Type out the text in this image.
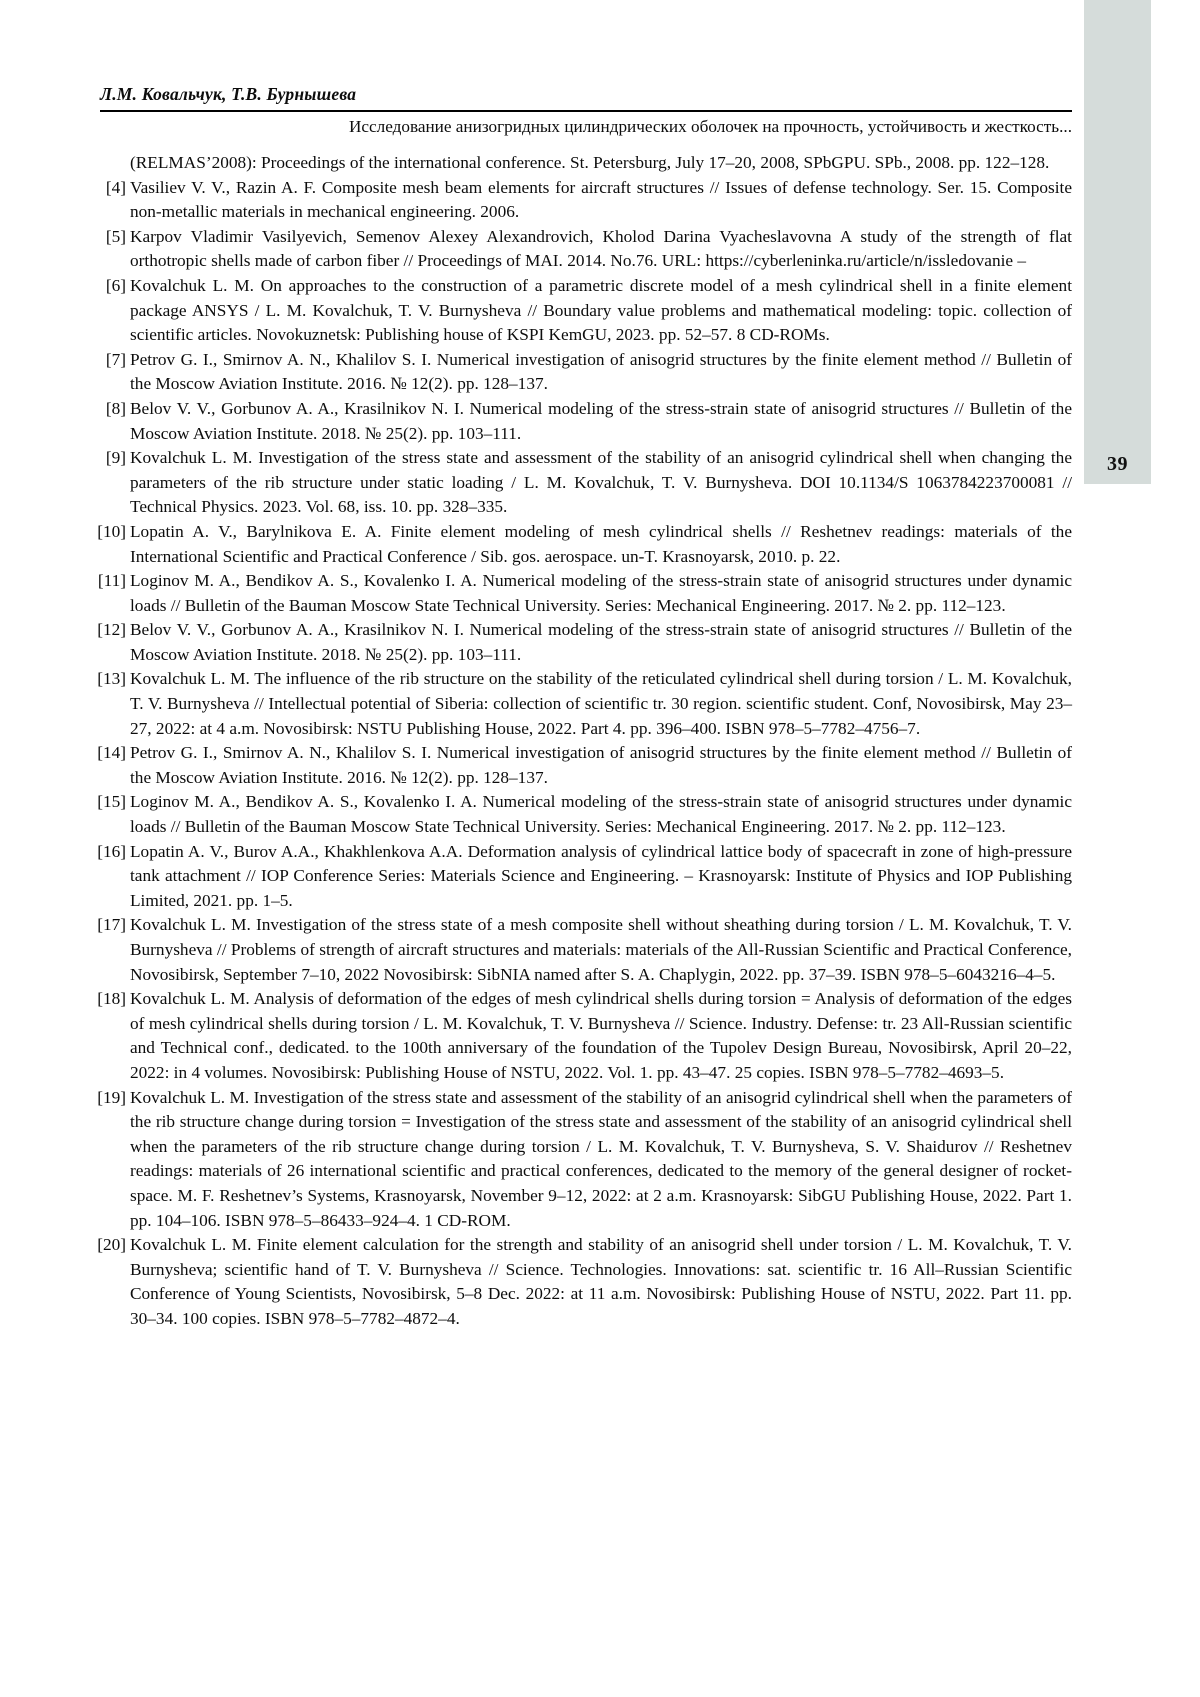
39
Л.М. Ковальчук, Т.В. Бурнышева
Исследование анизогридных цилиндрических оболочек на прочность, устойчивость и жесткость...
(RELMAS’2008): Proceedings of the international conference. St. Petersburg, July 17–20, 2008, SPbGPU. SPb., 2008. pp. 122–128.
[4] Vasiliev V. V., Razin A. F. Composite mesh beam elements for aircraft structures // Issues of defense technology. Ser. 15. Composite non-metallic materials in mechanical engineering. 2006.
[5] Karpov Vladimir Vasilyevich, Semenov Alexey Alexandrovich, Kholod Darina Vyacheslavovna A study of the strength of flat orthotropic shells made of carbon fiber // Proceedings of MAI. 2014. No.76. URL: https://cyberleninka.ru/article/n/issledovanie –
[6] Kovalchuk L. M. On approaches to the construction of a parametric discrete model of a mesh cylindrical shell in a finite element package ANSYS / L. M. Kovalchuk, T. V. Burnysheva // Boundary value problems and mathematical modeling: topic. collection of scientific articles. Novokuznetsk: Publishing house of KSPI KemGU, 2023. pp. 52–57. 8 CD-ROMs.
[7] Petrov G. I., Smirnov A. N., Khalilov S. I. Numerical investigation of anisogrid structures by the finite element method // Bulletin of the Moscow Aviation Institute. 2016. № 12(2). pp. 128–137.
[8] Belov V. V., Gorbunov A. A., Krasilnikov N. I. Numerical modeling of the stress-strain state of anisogrid structures // Bulletin of the Moscow Aviation Institute. 2018. № 25(2). pp. 103–111.
[9] Kovalchuk L. M. Investigation of the stress state and assessment of the stability of an anisogrid cylindrical shell when changing the parameters of the rib structure under static loading / L. M. Kovalchuk, T. V. Burnysheva. DOI 10.1134/S 1063784223700081 // Technical Physics. 2023. Vol. 68, iss. 10. pp. 328–335.
[10] Lopatin A. V., Barylnikova E. A. Finite element modeling of mesh cylindrical shells // Reshetnev readings: materials of the International Scientific and Practical Conference / Sib. gos. aerospace. un-T. Krasnoyarsk, 2010. p. 22.
[11] Loginov M. A., Bendikov A. S., Kovalenko I. A. Numerical modeling of the stress-strain state of anisogrid structures under dynamic loads // Bulletin of the Bauman Moscow State Technical University. Series: Mechanical Engineering. 2017. № 2. pp. 112–123.
[12] Belov V. V., Gorbunov A. A., Krasilnikov N. I. Numerical modeling of the stress-strain state of anisogrid structures // Bulletin of the Moscow Aviation Institute. 2018. № 25(2). pp. 103–111.
[13] Kovalchuk L. M. The influence of the rib structure on the stability of the reticulated cylindrical shell during torsion / L. M. Kovalchuk, T. V. Burnysheva // Intellectual potential of Siberia: collection of scientific tr. 30 region. scientific student. Conf, Novosibirsk, May 23–27, 2022: at 4 a.m. Novosibirsk: NSTU Publishing House, 2022. Part 4. pp. 396–400. ISBN 978–5–7782–4756–7.
[14] Petrov G. I., Smirnov A. N., Khalilov S. I. Numerical investigation of anisogrid structures by the finite element method // Bulletin of the Moscow Aviation Institute. 2016. № 12(2). pp. 128–137.
[15] Loginov M. A., Bendikov A. S., Kovalenko I. A. Numerical modeling of the stress-strain state of anisogrid structures under dynamic loads // Bulletin of the Bauman Moscow State Technical University. Series: Mechanical Engineering. 2017. № 2. pp. 112–123.
[16] Lopatin A. V., Burov A.A., Khakhlenkova A.A. Deformation analysis of cylindrical lattice body of spacecraft in zone of high-pressure tank attachment // IOP Conference Series: Materials Science and Engineering. – Krasnoyarsk: Institute of Physics and IOP Publishing Limited, 2021. pp. 1–5.
[17] Kovalchuk L. M. Investigation of the stress state of a mesh composite shell without sheathing during torsion / L. M. Kovalchuk, T. V. Burnysheva // Problems of strength of aircraft structures and materials: materials of the All-Russian Scientific and Practical Conference, Novosibirsk, September 7–10, 2022 Novosibirsk: SibNIA named after S. A. Chaplygin, 2022. pp. 37–39. ISBN 978–5–6043216–4–5.
[18] Kovalchuk L. M. Analysis of deformation of the edges of mesh cylindrical shells during torsion = Analysis of deformation of the edges of mesh cylindrical shells during torsion / L. M. Kovalchuk, T. V. Burnysheva // Science. Industry. Defense: tr. 23 All-Russian scientific and Technical conf., dedicated. to the 100th anniversary of the foundation of the Tupolev Design Bureau, Novosibirsk, April 20–22, 2022: in 4 volumes. Novosibirsk: Publishing House of NSTU, 2022. Vol. 1. pp. 43–47. 25 copies. ISBN 978–5–7782–4693–5.
[19] Kovalchuk L. M. Investigation of the stress state and assessment of the stability of an anisogrid cylindrical shell when the parameters of the rib structure change during torsion = Investigation of the stress state and assessment of the stability of an anisogrid cylindrical shell when the parameters of the rib structure change during torsion / L. M. Kovalchuk, T. V. Burnysheva, S. V. Shaidurov // Reshetnev readings: materials of 26 international scientific and practical conferences, dedicated to the memory of the general designer of rocket-space. M. F. Reshetnev’s Systems, Krasnoyarsk, November 9–12, 2022: at 2 a.m. Krasnoyarsk: SibGU Publishing House, 2022. Part 1. pp. 104–106. ISBN 978–5–86433–924–4. 1 CD-ROM.
[20] Kovalchuk L. M. Finite element calculation for the strength and stability of an anisogrid shell under torsion / L. M. Kovalchuk, T. V. Burnysheva; scientific hand of T. V. Burnysheva // Science. Technologies. Innovations: sat. scientific tr. 16 All–Russian Scientific Conference of Young Scientists, Novosibirsk, 5–8 Dec. 2022: at 11 a.m. Novosibirsk: Publishing House of NSTU, 2022. Part 11. pp. 30–34. 100 copies. ISBN 978–5–7782–4872–4.
